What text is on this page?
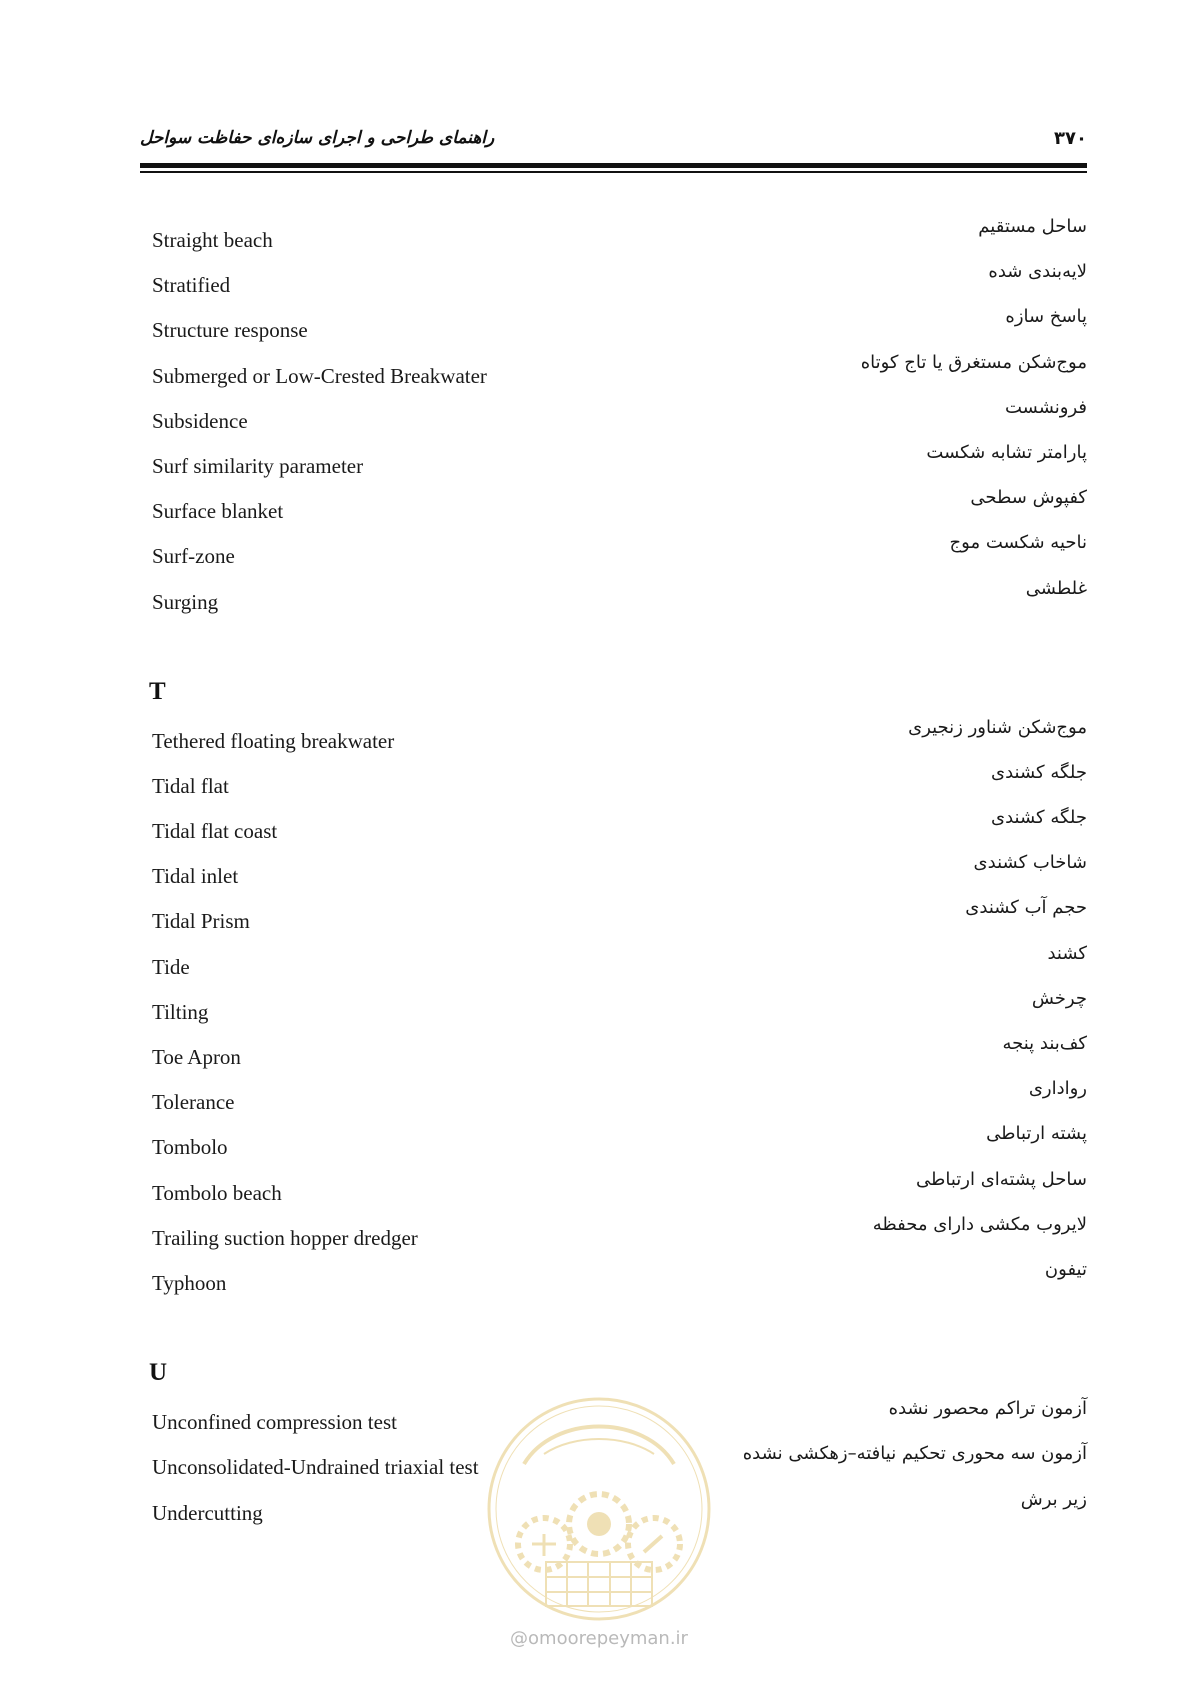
راهنمای طراحی و اجرای سازه‌ای حفاظت سواحل	۳۷۰
Straight beach
ساحل مستقیم
Stratified
لایه‌بندی شده
Structure response
پاسخ سازه
Submerged or Low-Crested Breakwater
موج‌شکن مستغرق یا تاج کوتاه
Subsidence
فرونشست
Surf similarity parameter
پارامتر تشابه شکست
Surface blanket
کفپوش سطحی
Surf-zone
ناحیه شکست موج
Surging
غلطشی
T
Tethered floating breakwater
موج‌شکن شناور زنجیری
Tidal flat
جلگه کشندی
Tidal flat coast
جلگه کشندی
Tidal inlet
شاخاب کشندی
Tidal Prism
حجم آب کشندی
Tide
کشند
Tilting
چرخش
Toe Apron
کف‌بند پنجه
Tolerance
رواداری
Tombolo
پشته ارتباطی
Tombolo beach
ساحل پشته‌ای ارتباطی
Trailing suction hopper dredger
لایروب مکشی دارای محفظه
Typhoon
تیفون
U
Unconfined compression test
آزمون تراکم محصور نشده
Unconsolidated-Undrained triaxial test
آزمون سه محوری تحکیم نیافته–زهکشی نشده
Undercutting
زیر برش
@omoorepeyman.ir
